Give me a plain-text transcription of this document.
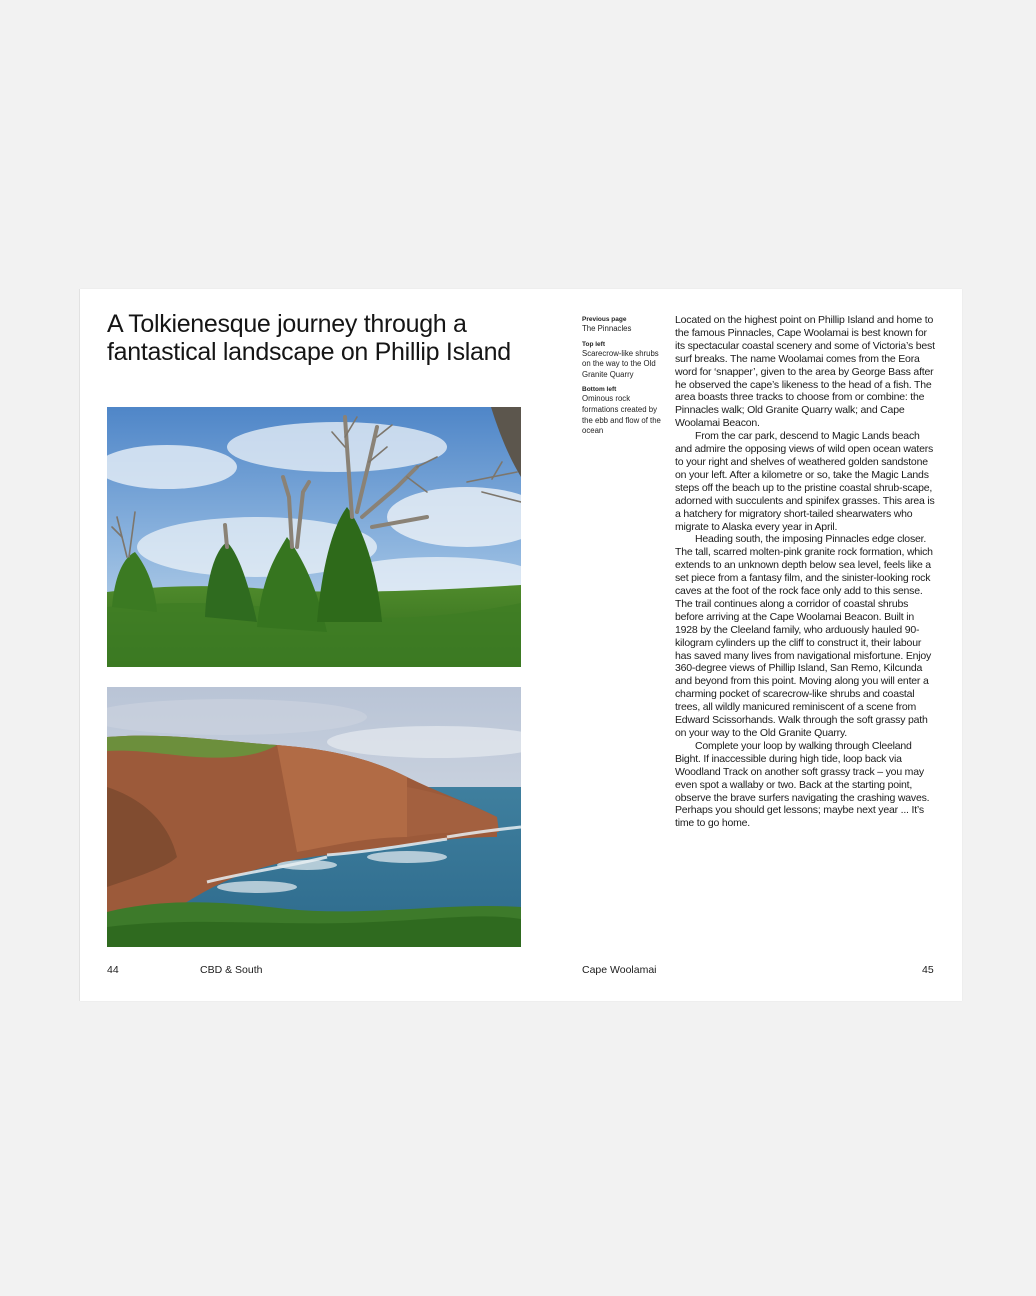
A Tolkienesque journey through a fantastical landscape on Phillip Island
Previous page
The Pinnacles
Top left
Scarecrow-like shrubs on the way to the Old Granite Quarry
Bottom left
Ominous rock formations created by the ebb and flow of the ocean

Located on the highest point on Phillip Island and home to the famous Pinnacles, Cape Woolamai is best known for its spectacular coastal scenery and some of Victoria’s best surf breaks. The name Woolamai comes from the Eora word for ‘snapper’, given to the area by George Bass after he observed the cape’s likeness to the head of a fish. The area boasts three tracks to choose from or combine: the Pinnacles walk; Old Granite Quarry walk; and Cape Woolamai Beacon.

From the car park, descend to Magic Lands beach and admire the opposing views of wild open ocean waters to your right and shelves of weathered golden sandstone on your left. After a kilometre or so, take the Magic Lands steps off the beach up to the pristine coastal shrub-scape, adorned with succulents and spinifex grasses. This area is a hatchery for migratory short-tailed shearwaters who migrate to Alaska every year in April.

Heading south, the imposing Pinnacles edge closer. The tall, scarred molten-pink granite rock formation, which extends to an unknown depth below sea level, feels like a set piece from a fantasy film, and the sinister-looking rock caves at the foot of the rock face only add to this sense. The trail continues along a corridor of coastal shrubs before arriving at the Cape Woolamai Beacon. Built in 1928 by the Cleeland family, who arduously hauled 90-kilogram cylinders up the cliff to construct it, their labour has saved many lives from navigational misfortune. Enjoy 360-degree views of Phillip Island, San Remo, Kilcunda and beyond from this point. Moving along you will enter a charming pocket of scarecrow-like shrubs and coastal trees, all wildly manicured reminiscent of a scene from Edward Scissorhands. Walk through the soft grassy path on your way to the Old Granite Quarry.

Complete your loop by walking through Cleeland Bight. If inaccessible during high tide, loop back via Woodland Track on another soft grassy track – you may even spot a wallaby or two. Back at the starting point, observe the brave surfers navigating the crashing waves. Perhaps you should get lessons; maybe next year ... It’s time to go home.

44	CBD & South	Cape Woolamai	45
